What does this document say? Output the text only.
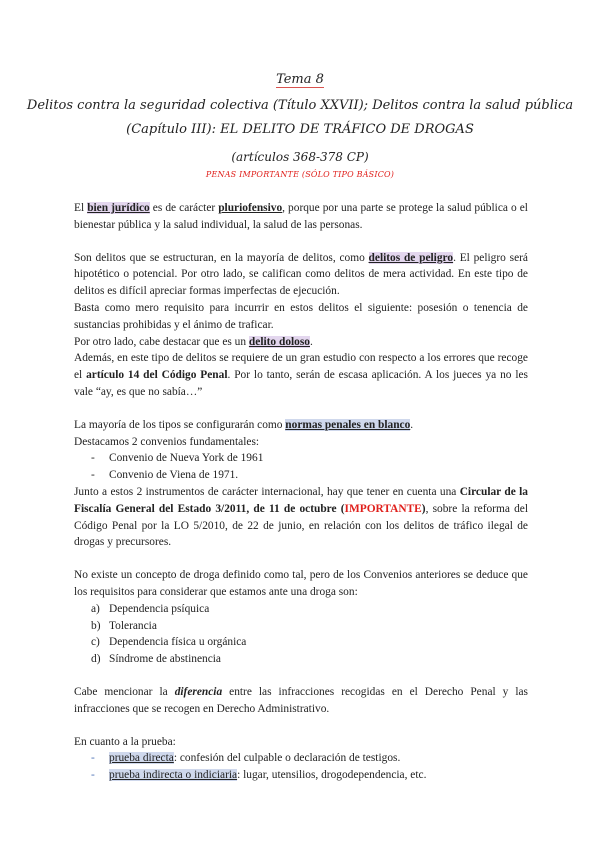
Tema 8
Delitos contra la seguridad colectiva (Título XXVII); Delitos contra la salud pública
(Capítulo III): EL DELITO DE TRÁFICO DE DROGAS
(artículos 368-378 CP)
PENAS IMPORTANTE (SÓLO TIPO BÁSICO)

El bien jurídico es de carácter pluriofensivo, porque por una parte se protege la salud pública o el bienestar pública y la salud individual, la salud de las personas.

Son delitos que se estructuran, en la mayoría de delitos, como delitos de peligro. El peligro será hipotético o potencial. Por otro lado, se califican como delitos de mera actividad. En este tipo de delitos es difícil apreciar formas imperfectas de ejecución.

Basta como mero requisito para incurrir en estos delitos el siguiente: posesión o tenencia de sustancias prohibidas y el ánimo de traficar.

Por otro lado, cabe destacar que es un delito doloso.

Además, en este tipo de delitos se requiere de un gran estudio con respecto a los errores que recoge el artículo 14 del Código Penal. Por lo tanto, serán de escasa aplicación. A los jueces ya no les vale “ay, es que no sabía…”

La mayoría de los tipos se configurarán como normas penales en blanco.

Destacamos 2 convenios fundamentales:

- Convenio de Nueva York de 1961
- Convenio de Viena de 1971.

Junto a estos 2 instrumentos de carácter internacional, hay que tener en cuenta una Circular de la Fiscalía General del Estado 3/2011, de 11 de octubre (IMPORTANTE), sobre la reforma del Código Penal por la LO 5/2010, de 22 de junio, en relación con los delitos de tráfico ilegal de drogas y precursores.

No existe un concepto de droga definido como tal, pero de los Convenios anteriores se deduce que los requisitos para considerar que estamos ante una droga son:

a) Dependencia psíquica
b) Tolerancia
c) Dependencia física u orgánica
d) Síndrome de abstinencia

Cabe mencionar la diferencia entre las infracciones recogidas en el Derecho Penal y las infracciones que se recogen en Derecho Administrativo.

En cuanto a la prueba:

- prueba directa: confesión del culpable o declaración de testigos.
- prueba indirecta o indiciaria: lugar, utensilios, drogodependencia, etc.
